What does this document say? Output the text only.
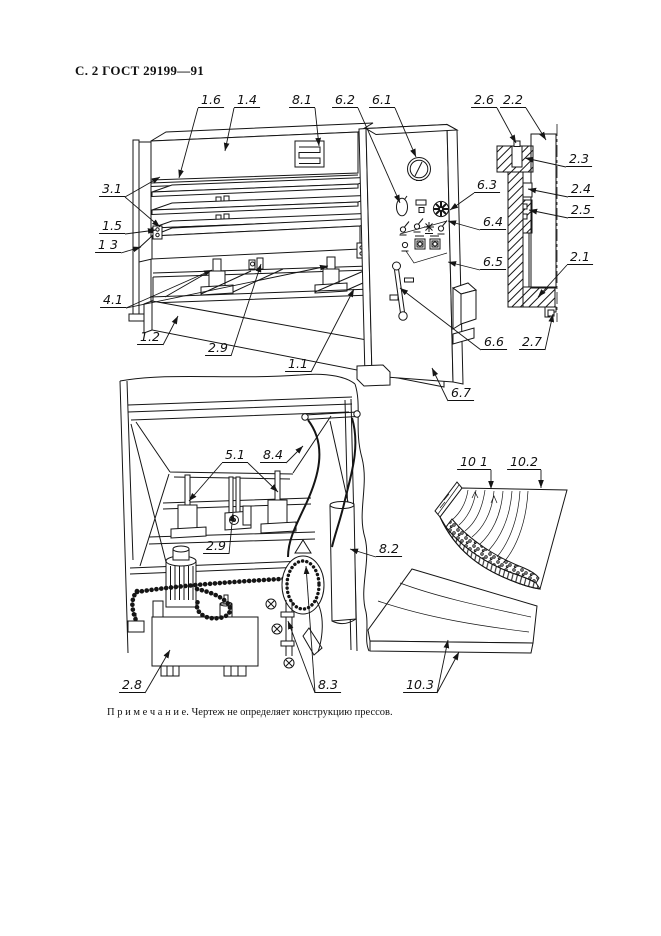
С. 2 ГОСТ 29199—91
П р и м е ч а н и е. Чертеж не определяет конструкцию прессов.
1.6 1.4	8.1 6.2 6.1	2.6 2.2
3.1
1.5
1 3
4.1
1.2
2.9
1.1
6.3
6.4
6.5
6.6
6.7
2.3
2.4
2.5
2.1
2.7
5.1 8.4
2.9	8.2
2.8	8.3
10 1 10.2
10.3
